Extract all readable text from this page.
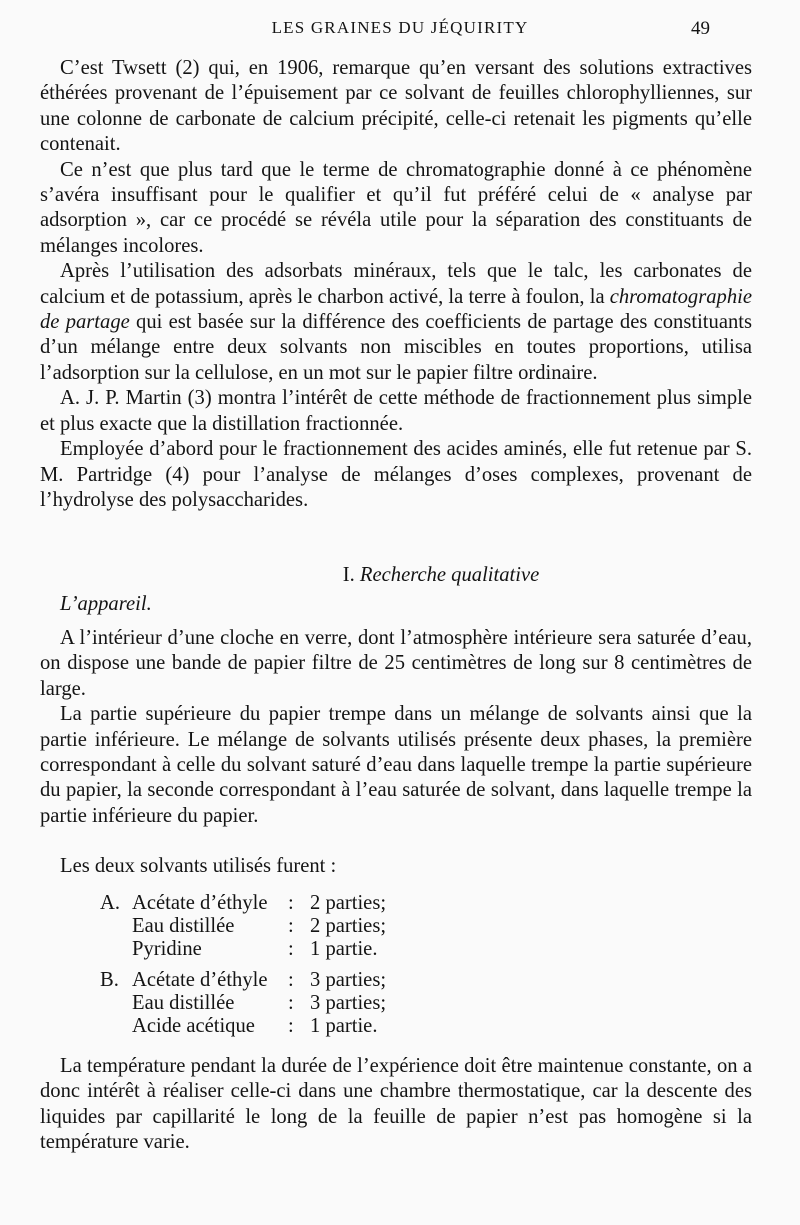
LES GRAINES DU JÉQUIRITY	49

C’est Twsett (2) qui, en 1906, remarque qu’en versant des solutions extractives éthérées provenant de l’épuisement par ce solvant de feuilles chlorophylliennes, sur une colonne de carbonate de calcium précipité, celle-ci retenait les pigments qu’elle contenait.

Ce n’est que plus tard que le terme de chromatographie donné à ce phénomène s’avéra insuffisant pour le qualifier et qu’il fut préféré celui de « analyse par adsorption », car ce procédé se révéla utile pour la séparation des constituants de mélanges incolores.

Après l’utilisation des adsorbats minéraux, tels que le talc, les carbonates de calcium et de potassium, après le charbon activé, la terre à foulon, la chromatographie de partage qui est basée sur la différence des coefficients de partage des constituants d’un mélange entre deux solvants non miscibles en toutes proportions, utilisa l’adsorption sur la cellulose, en un mot sur le papier filtre ordinaire.

A. J. P. Martin (3) montra l’intérêt de cette méthode de fractionnement plus simple et plus exacte que la distillation fractionnée.

Employée d’abord pour le fractionnement des acides aminés, elle fut retenue par S. M. Partridge (4) pour l’analyse de mélanges d’oses complexes, provenant de l’hydrolyse des polysaccharides.

I. Recherche qualitative
L’appareil.

A l’intérieur d’une cloche en verre, dont l’atmosphère intérieure sera saturée d’eau, on dispose une bande de papier filtre de 25 centimètres de long sur 8 centimètres de large.

La partie supérieure du papier trempe dans un mélange de solvants ainsi que la partie inférieure. Le mélange de solvants utilisés présente deux phases, la première correspondant à celle du solvant saturé d’eau dans laquelle trempe la partie supérieure du papier, la seconde correspondant à l’eau saturée de solvant, dans laquelle trempe la partie inférieure du papier.

Les deux solvants utilisés furent :
A.	Acétate d’éthyle	:	2 parties;
	Eau distillée	:	2 parties;
	Pyridine	:	1 partie.

B.	Acétate d’éthyle	:	3 parties;
	Eau distillée	:	3 parties;
	Acide acétique	:	1 partie.

La température pendant la durée de l’expérience doit être maintenue constante, on a donc intérêt à réaliser celle-ci dans une chambre thermostatique, car la descente des liquides par capillarité le long de la feuille de papier n’est pas homogène si la température varie.
